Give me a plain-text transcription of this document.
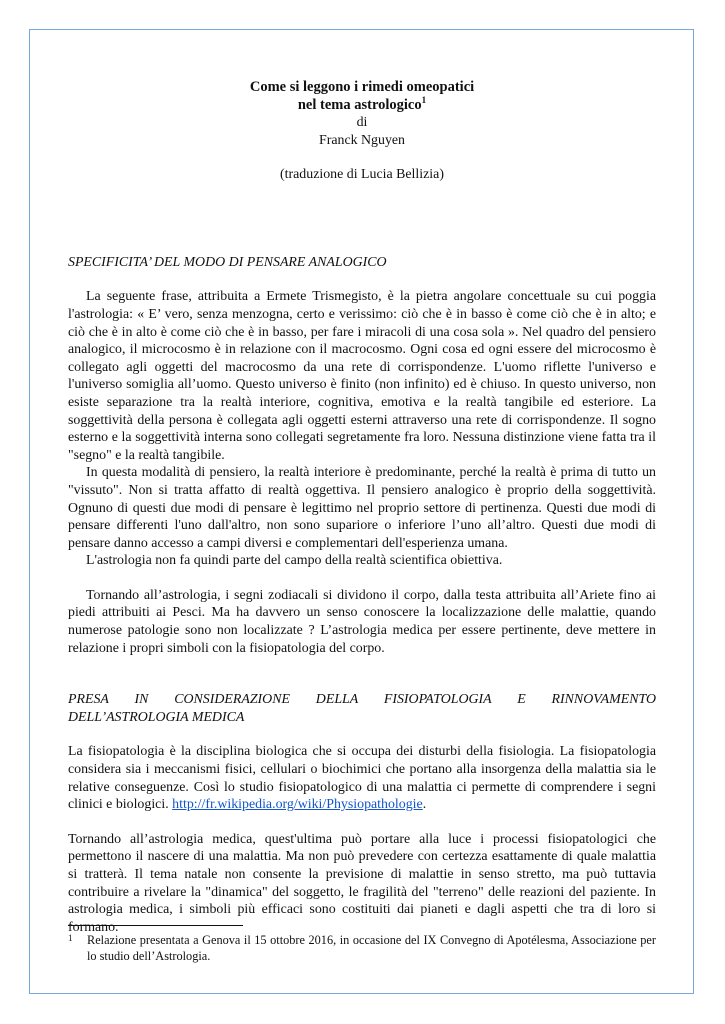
Come si leggono i rimedi omeopatici
nel tema astrologico$^1$
di
Franck Nguyen
(traduzione di Lucia Bellizia)

SPECIFICITA’ DEL MODO DI PENSARE ANALOGICO

La seguente frase, attribuita a Ermete Trismegisto, è la pietra angolare concettuale su cui poggia l'astrologia: « E’ vero, senza menzogna, certo e verissimo: ciò che è in basso è come ciò che è in alto; e ciò che è in alto è come ciò che è in basso, per fare i miracoli di una cosa sola ». Nel quadro del pensiero analogico, il microcosmo è in relazione con il macrocosmo. Ogni cosa ed ogni essere del microcosmo è collegato agli oggetti del macrocosmo da una rete di corrispondenze. L'uomo riflette l'universo e l'universo somiglia all’uomo. Questo universo è finito (non infinito) ed è chiuso. In questo universo, non esiste separazione tra la realtà interiore, cognitiva, emotiva e la realtà tangibile ed esteriore. La soggettività della persona è collegata agli oggetti esterni attraverso una rete di corrispondenze. Il sogno esterno e la soggettività interna sono collegati segretamente fra loro. Nessuna distinzione viene fatta tra il "segno" e la realtà tangibile.

In questa modalità di pensiero, la realtà interiore è predominante, perché la realtà è prima di tutto un "vissuto". Non si tratta affatto di realtà oggettiva. Il pensiero analogico è proprio della soggettività. Ognuno di questi due modi di pensare è legittimo nel proprio settore di pertinenza. Questi due modi di pensare differenti l'uno dall'altro, non sono supariore o inferiore l’uno all’altro. Questi due modi di pensare danno accesso a campi diversi e complementari dell'esperienza umana.

L'astrologia non fa quindi parte del campo della realtà scientifica obiettiva.

Tornando all’astrologia, i segni zodiacali si dividono il corpo, dalla testa attribuita all’Ariete fino ai piedi attribuiti ai Pesci. Ma ha davvero un senso conoscere la localizzazione delle malattie, quando numerose patologie sono non localizzate ? L’astrologia medica per essere pertinente, deve mettere in relazione i propri simboli con la fisiopatologia del corpo.

PRESA IN CONSIDERAZIONE DELLA FISIOPATOLOGIA E RINNOVAMENTO
DELL’ASTROLOGIA MEDICA

La fisiopatologia è la disciplina biologica che si occupa dei disturbi della fisiologia. La fisiopatologia considera sia i meccanismi fisici, cellulari o biochimici che portano alla insorgenza della malattia sia le relative conseguenze. Così lo studio fisiopatologico di una malattia ci permette di comprendere i segni clinici e biologici. http://fr.wikipedia.org/wiki/Physiopathologie.

Tornando all’astrologia medica, quest'ultima può portare alla luce i processi fisiopatologici che permettono il nascere di una malattia. Ma non può prevedere con certezza esattamente di quale malattia si tratterà. Il tema natale non consente la previsione di malattie in senso stretto, ma può tuttavia contribuire a rivelare la "dinamica" del soggetto, le fragilità del "terreno" delle reazioni del paziente. In astrologia medica, i simboli più efficaci sono costituiti dai pianeti e dagli aspetti che tra di loro si formano.

1 Relazione presentata a Genova il 15 ottobre 2016, in occasione del IX Convegno di Apotélesma, Associazione per lo studio dell’Astrologia.
